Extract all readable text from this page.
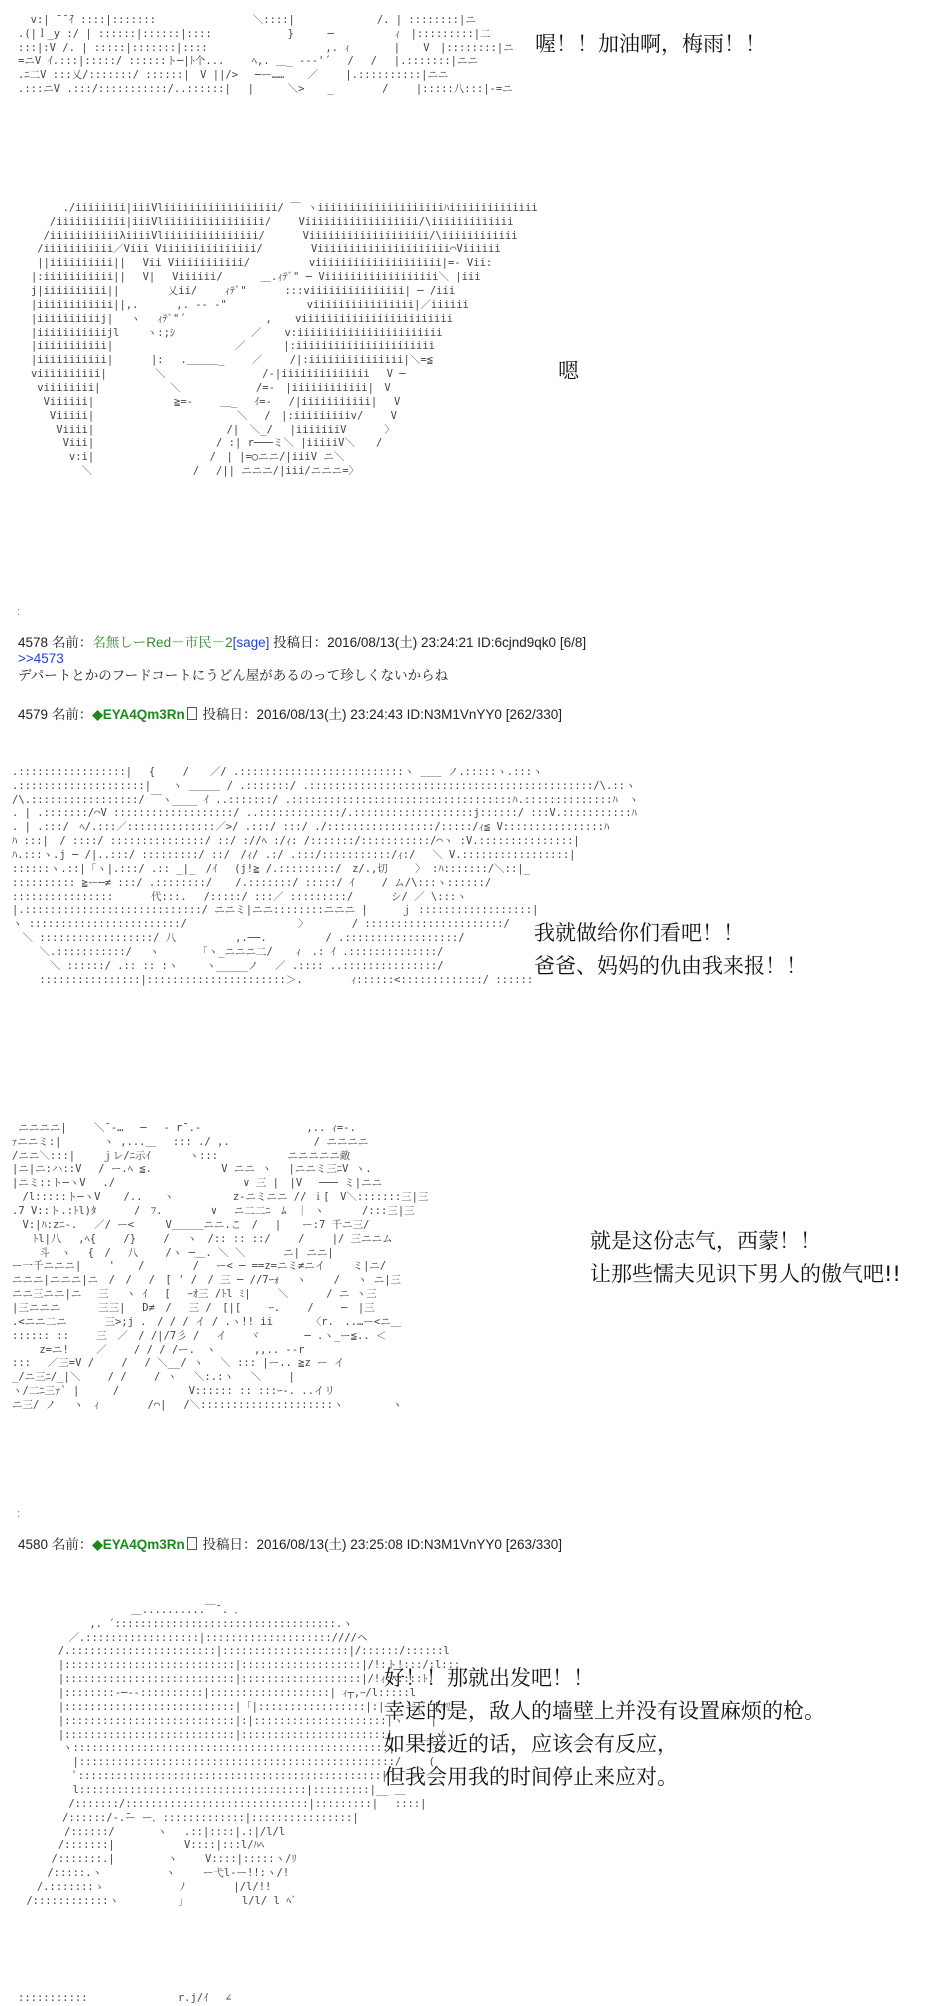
v:| ̄ ̄ ̄ｲ ::::|:::::::      　　　　　 ＼::::| 　 　　 　　　/. | ::::::::|ニ
.(|ｌ_y :/ | ::::::|::::::|::::      　　　 }　 　 ─　 　　 　 ｨ　|:::::::::|二
:::|:V /. | :::::|:::::::|::::     　　　　 　　　 ,. ｨ　 　　 | 　 V　|::::::::|ニ
=ニV ｲ.:::|:::::/ ::::::ト─|ﾄ个...　　 ﾍ,. ＿_ ---'´　 /　 /　 |.:::::::|ニニ
.ﾆ二V :::乂/:::::::/ ::::::|　V ||/>　 ─ー…… 　 ／　　 |.::::::::::|ニニ
.:::ニV .:::/:::::::::::/..::::::|　 |　 　 ＼> 　 _ 　　　　/ 　　|:::::八:::|-=ニ

喔！！加油啊，梅雨！！

./iiiiiiii|iiiVliiiiiiiiiiiiiiiiii/ ￣ ヽiiiiiiiiiiiiiiiiiiiiﾊiiiiiiiiiiiiii
/iiiiiiiiiii|iiiVliiiiiiiiiiiiiiii/　　 Viiiiiiiiiiiiiiiiii/\iiiiiiiiiiiii
/iiiiiiiiiiiλiiiiVliiiiiiiiiiiiiii/　　　 Viiiiiiiiiiiiiiiiiii/\iiiiiiiiiiii
/iiiiiiiiiii／Viii Viiiiiiiiiiiiiii/　　　　 Viiiiiiiiiiiiiiiiiiiii⌒Viiiiii
||iiiiiiiiii||　 Vii Viiiiiiiiiii/　　　　　 viiiiiiiiiiiiiiiiiiii|=- Vii:
|:iiiiiiiiiii||　 V|　 Viiiiii/　　　 ＿.ｨﾃﾞ" ─ Viiiiiiiiiiiiiiiiii＼ |iii
j|iiiiiiiiii||　　　　 乂ii/　　 ｨﾃﾞ"　　　 :::viiiiiiiiiiiiiii| ─ /iii
|iiiiiiiiiiii||,.　　　 ,. -‐ ‐"　　　　　 　　viiiiiiiiiiiiiiii|／iiiiii
|iiiiiiiiiij|　 ヽ　 ｨﾃﾞ"´　　　　　　　 , 　 viiiiiiiiiiiiiiiiiiiiiiii
|iiiiiiiiiiijl　　 ヽ:;ｼ　　　　　 　 ／ 　 v:iiiiiiiiiiiiiiiiiiiiiii
|iiiiiiiiiii|　　　　　　　　　　　 ／　　　 |:iiiiiiiiiiiiiiiiiiiiii
|iiiiiiiiiii|　　　 |:　 .＿＿＿_　　 ／　　 /|:iiiiiiiiiiiiiii|＼=≦
viiiiiiiiii|　　　　 ＼　　　　　　　 　 /‐|iiiiiiiiiiiiii　 V ─
viiiiiiii|　　　　　　 ＼　　　　　 　 /=-　|iiiiiiiiiiii|　V
Viiiiii|　　　　　　　 ≧=-　　 ＿_　 ｲ=-　 /|iiiiiiiiiii|　 V
Viiiii|　　　　　　　　　　　　　 ＼　 /　|:iiiiiiiiiv/　　 V
Viiii|　　　　　　　　　　　　 /|　＼_/　 |iiiiiiiV　　　 〉
Viii|　　　　　　　　　　　 / :| r───ミ＼ |iiiiiV＼　　/
v:i|　　　　　　　　　　　/　| |=◯ニニ/|iiiV ニ＼
＼　　　　　　　　　 / 　/|| ニニニ/|iii/ニニニ=〉

嗯
：
4578 名前：名無しーRed－市民－2[sage] 投稿日：2016/08/13(土) 23:24:21 ID:6cjnd9qk0 [6/8]
>>4573
デパートとかのフードコートにうどん屋があるのって珍しくないからね
4579 名前：◆EYA4Qm3Rn 投稿日：2016/08/13(土) 23:24:43 ID:N3M1VnYY0 [262/330]

.:::::::::::::::::|　 {　　 /　　／/ .::::::::::::::::::::::::::ヽ ＿＿ ノ.:::::ヽ.:::ヽ
.::::::::::::::::::::|　　ヽ ＿＿＿ / .:::::::/ .:::::::::::::::::::::::::::::::::::::::::::::/\.::ヽ
/\.:::::::::::::::::/ ￣ヽ____ ｲ ..:::::::/ .:::::::::::::::::::::::::::::::::::ﾊ.::::::::::::::ﾊ　ヽ
. | .:::::::/⌒V :::::::::::::::::::/ ..:::::::::::::/.:::::::::::::::::::j::::::/ :::V.:::::::::::ﾊ
. | .:::/　ﾍ/.:::／::::::::::::::／>/ .:::/ :::/ ./:::::::::::::::::/:::::/ｨ≦ V::::::::::::::::ﾊ
ﾊ :::|　/ ::::/ :::::::::::::::/ ::/ ://ﾍ :/ｨ: /:::::::/:::::::::::/⌒ヽ :V.:::::::::::::::|
ﾊ.:::ヽ.j ─ /|..:::/ :::::::::/ ::/　/ｨ/ .:/ .:::/:::::::::::/ｨ:/　 ＼ V.:::::::::::::::::|
::::::ヽ.::|「ヽ|.:::/ .:: _|_　/ｲ　 (j!≧ /.:::::::::/　z/.,切　　 〉 :ﾊ:::::::/＼::|_
:::::::::: ≧ー─≠ :::/ .::::::::/ 　 /.:::::::/ :::::/ ｲ　　 / ム/\:::ヽ::::::/
::::::::::::::::　　　 代:::.　 /:::::/ :::／ :::::::::/ 　　　シ/ ／ \:::ヽ
|.::::::::::::::::::::::::::::/ ニニミ|ニニ::::::::ニニニ |　 　 ｊ ::::::::::::::::::|
ヽ ::::::::::::::::::::::::/ 　　　　　　　　　　〉　　　　 / ::::::::::::::::::::::/
　＼ ::::::::::::::::::/ 八　　　　　 ,.──.　　　　　 / .::::::::::::::::::/
　　 ＼.:::::::::::/　 ヽ　　　 「ヽ_ニニニ二/ 　 ｨ　.: ｲ .::::::::::::::/
　　　 ＼ ::::::/ .:: :: :ヽ　　 ヽ_____ノ　 ／ .:::: ..:::::::::::::::/
　　 ::::::::::::::::|::::::::::::::::::::::＞.　　　　 ｨ::::::<:::::::::::::/ ::::::

我就做给你们看吧！！
爸爸、妈妈的仇由我来报！！

ニニニニ|　　 ＼¯‐…　 ─　 - r¯.-　　　　　　　　　　,.. ｨ=-.
ｧニニミ:|　　　　ヽ ,...＿　 ::: ./ ,.　　　　　　　　/ ニニニニ
/ニニ＼:::|　　 ｊレ/ﾆ示ｲ　　　 ヽ:::　　　　　　 ニニニニニ敵
|ニ|ニ:ハ::V　 / ー.ﾍ ≦.　　　　　　 V ニニ ヽ　 |ニニミ三ﾆV ヽ.
|ニミ::ト─ヽV　 ./ 　　　　　　　　　　　 ∨ 三 |　|V　 ─── ミ|ニニ
　/l:::::ト─ヽV 　 /..　　ヽ　　　　　 z-ニミニニ // ｉ[　V＼:::::::三|三
.7 V::ト.:ﾄl)ﾀ　　　 /　ﾌ.　　　　 ∨　 ニ二二ﾆ　ﾑ　｜ ヽ　　　 /:::三|三
　V:|ﾊ:zﾆ-.　 ／/ ー<　　　V＿＿＿ニニ.こ　/　 |　　ー:7 千ニ三/
　　ﾄl|八　 ,ﾍ{　　 /}　　 /　 ヽ　/:: :: ::/　　 /　　 |/ 三ニニム
　　 斗　ヽ　 {　/　 八　　 /ヽ ─＿. ＼ ＼　　　 ニ| ニニ|
ー一千ニニニ|　　 ' 　 /　　　　 /　 ー< ─ ==z=ニミ≠ニイ　　 ミ|ニ/
ニニニ|ニニニ|ニ　/　/　 /　[ ' /　/ 三 ─ //7ｰｫ　 ヽ　　 /　 ヽ ニ|三
ニニ三ニニ|ニ　 三　 ヽ ｲ　 [　 ｰｵ三 /ﾄl ﾐ|　　 ＼　　　 / ニ ヽ三
|三ニニニ　　　 三三|　 D≠　/　 三 /　[|[　　 ｰ.　　 /　　 ─　|三
.<ニニ二ニ　　　 三>;j .　/ / / イ / .ヽ!! ii　　　 〈r.　..…ー<ニ＿
:::::: ::　　 三　／　/ /|/7彡 /　 イ 　 ヾ 　　　 ─ .ヽ_ー≦.. ＜
　　 z=ニ!　　 ／　　 / / / /ー.　ヽ　　　 ,,.. --r
:::　 ／三=V /　　 /　 / ＼__/ ヽ　 ＼ ::: |ー.. ≧z ー イ
_/ニ三ﾆ/_|＼　　 / /　　 / ヽ　 ＼:.:ヽ　 ＼　　 |
ヽ/二ﾆ三ｧ` |　 　 /　　　　　　 V:::::: :: :::ｰ-. ..イリ
ニ三/ ノ　 ヽ　ｨ　　　　 /⌒|　 /＼:::::::::::::::::::::ヽ　　　　 ヽ

就是这份志气，西蒙！！
让那些懦夫见识下男人的傲气吧!!
：
4580 名前：◆EYA4Qm3Rn 投稿日：2016/08/13(土) 23:25:08 ID:N3M1VnYY0 [263/330]

　　　　　　　　　　 ＿..........￣¯. ．
　　　　　　 ,. ´:::::::::::::::::::::::::::::::::::.ヽ
　　　　 ／.::::::::::::::::::|::::::::::::::::::::////ヘ
　　　 /.:::::::::::::::::::::::|::::::::::::::::::::|/::::::/::::::l
　　　 |:::::::::::::::::::::::::::|:::::::::::::::::::|/!:ト!:::/:l:::
　　　 |:::::::::::::::::::::::::::|:::::::::::::::::::|/!ｨ:ﾍ::::ﾄ.
　　　 |::::::::‐─--::::::::::|:::::::::::::::::::| ｨ┬,ｰ/l:::::l
　　　 |:::::::::::::::::::::::::::|「|:::::::::::::::::|:|　　七|ﾞ [ｲﾘ
　　　 |:::::::::::::::::::::::::::|:|:::::::::::::::::::::|ヽ 　　|
　　　 |:::::::::::::::::::::::::::|:::::::::::::::::::::::|　　 __ ﾉ
　　　　ヽ::::::::::::::::::::::::::::::::::::::::::::::::::|　　　 ,/
　　　　　|::::::::::::::::::::::::::::::::::::::::::::::::::/　　 (
　　　　　ﾟ::::::::::::::::::::::::::::::::::::::::::::::::|¯.¯ ¬-
　　　　　l::::::::::::::::::::::::::::::::::::|:::::::::|__ ＿
　　　　 /:::::::/:::::::::::::::::::::::::::::|:::::::::|　 ::::|
　　　　/::::::/-.̄ー ー．:::::::::::::|::::::::::::::::|
　　 　 /::::::/　　　　ヽ　 .::|::::|.:|/l/l
　　　 /:::::::|　　　　　　 V::::|:::l/ﾊﾍ
　　　/:::::::.|　　　　　ヽ　 　V::::|:::::ヽ/ﾘ
　　 /:::::.ヽ　　　　　　ヽ　　 ー弋l-ー!!:ヽ/!
　 /.:::::::ゝ　　　　　 　 ﾉ　　　　 |/l/!!
/::::::::::::ヽ　　　　　 」　　　　　 l/l/ l ﾍﾞ

好！！那就出发吧！！
幸运的是，敌人的墙壁上并没有设置麻烦的枪。
如果接近的话，应该会有反应，
但我会用我的时间停止来应对。

:::::::::::　　　　　　　　 r.j/ｲ 　∠
